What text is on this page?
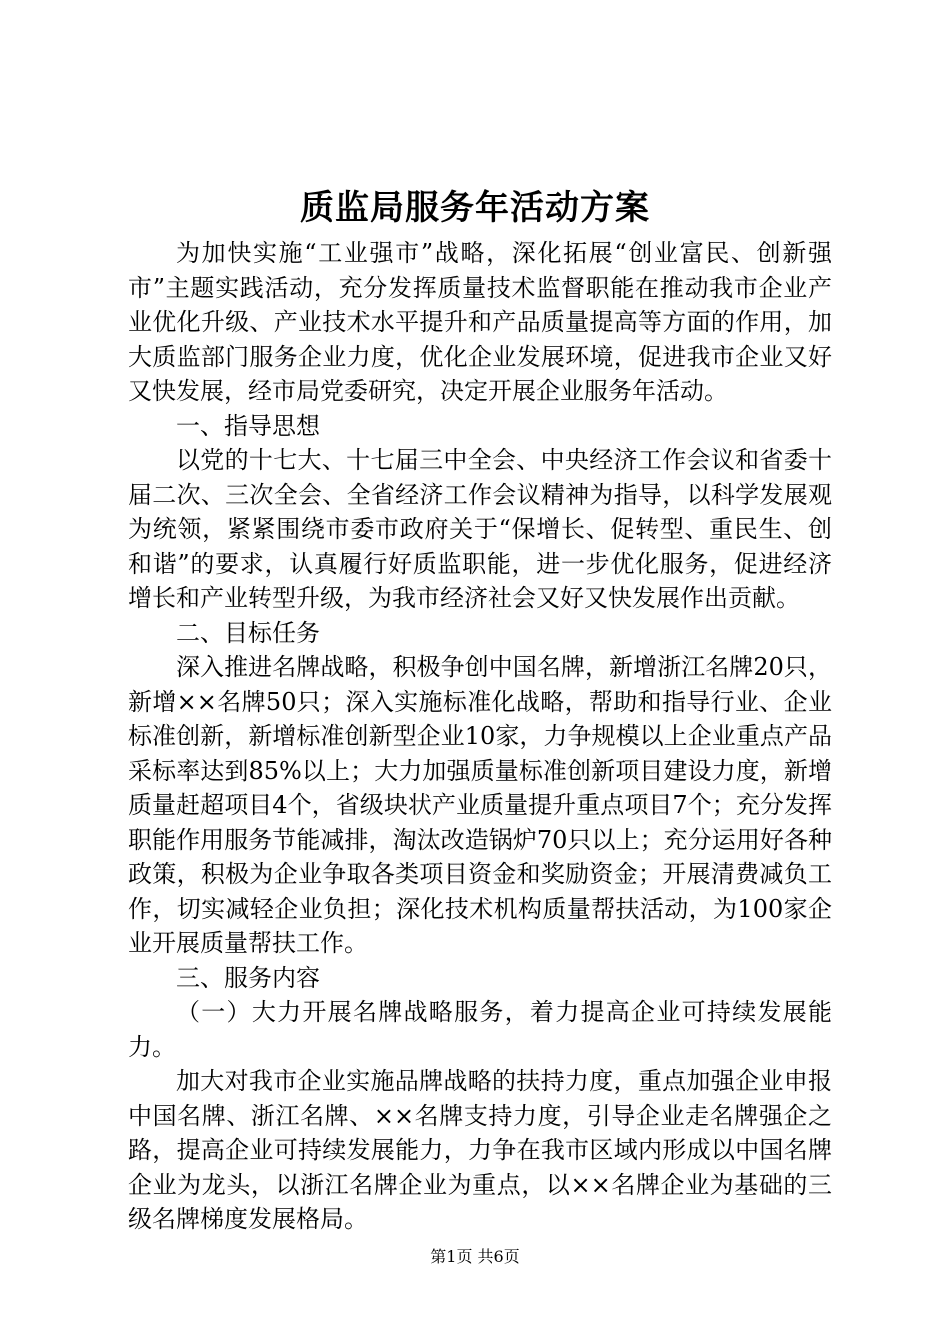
质监局服务年活动方案

为加快实施“工业强市”战略，深化拓展“创业富民、创新强市”主题实践活动，充分发挥质量技术监督职能在推动我市企业产业优化升级、产业技术水平提升和产品质量提高等方面的作用，加大质监部门服务企业力度，优化企业发展环境，促进我市企业又好又快发展，经市局党委研究，决定开展企业服务年活动。

一、指导思想

以党的十七大、十七届三中全会、中央经济工作会议和省委十届二次、三次全会、全省经济工作会议精神为指导，以科学发展观为统领，紧紧围绕市委市政府关于“保增长、促转型、重民生、创和谐”的要求，认真履行好质监职能，进一步优化服务，促进经济增长和产业转型升级，为我市经济社会又好又快发展作出贡献。

二、目标任务

深入推进名牌战略，积极争创中国名牌，新增浙江名牌20只，新增××名牌50只；深入实施标准化战略，帮助和指导行业、企业标准创新，新增标准创新型企业10家，力争规模以上企业重点产品采标率达到85%以上；大力加强质量标准创新项目建设力度，新增质量赶超项目4个，省级块状产业质量提升重点项目7个；充分发挥职能作用服务节能减排，淘汰改造锅炉70只以上；充分运用好各种政策，积极为企业争取各类项目资金和奖励资金；开展清费减负工作，切实减轻企业负担；深化技术机构质量帮扶活动，为100家企业开展质量帮扶工作。

三、服务内容

（一）大力开展名牌战略服务，着力提高企业可持续发展能力。

加大对我市企业实施品牌战略的扶持力度，重点加强企业申报中国名牌、浙江名牌、××名牌支持力度，引导企业走名牌强企之路，提高企业可持续发展能力，力争在我市区域内形成以中国名牌企业为龙头，以浙江名牌企业为重点，以××名牌企业为基础的三级名牌梯度发展格局。

第1页 共6页
